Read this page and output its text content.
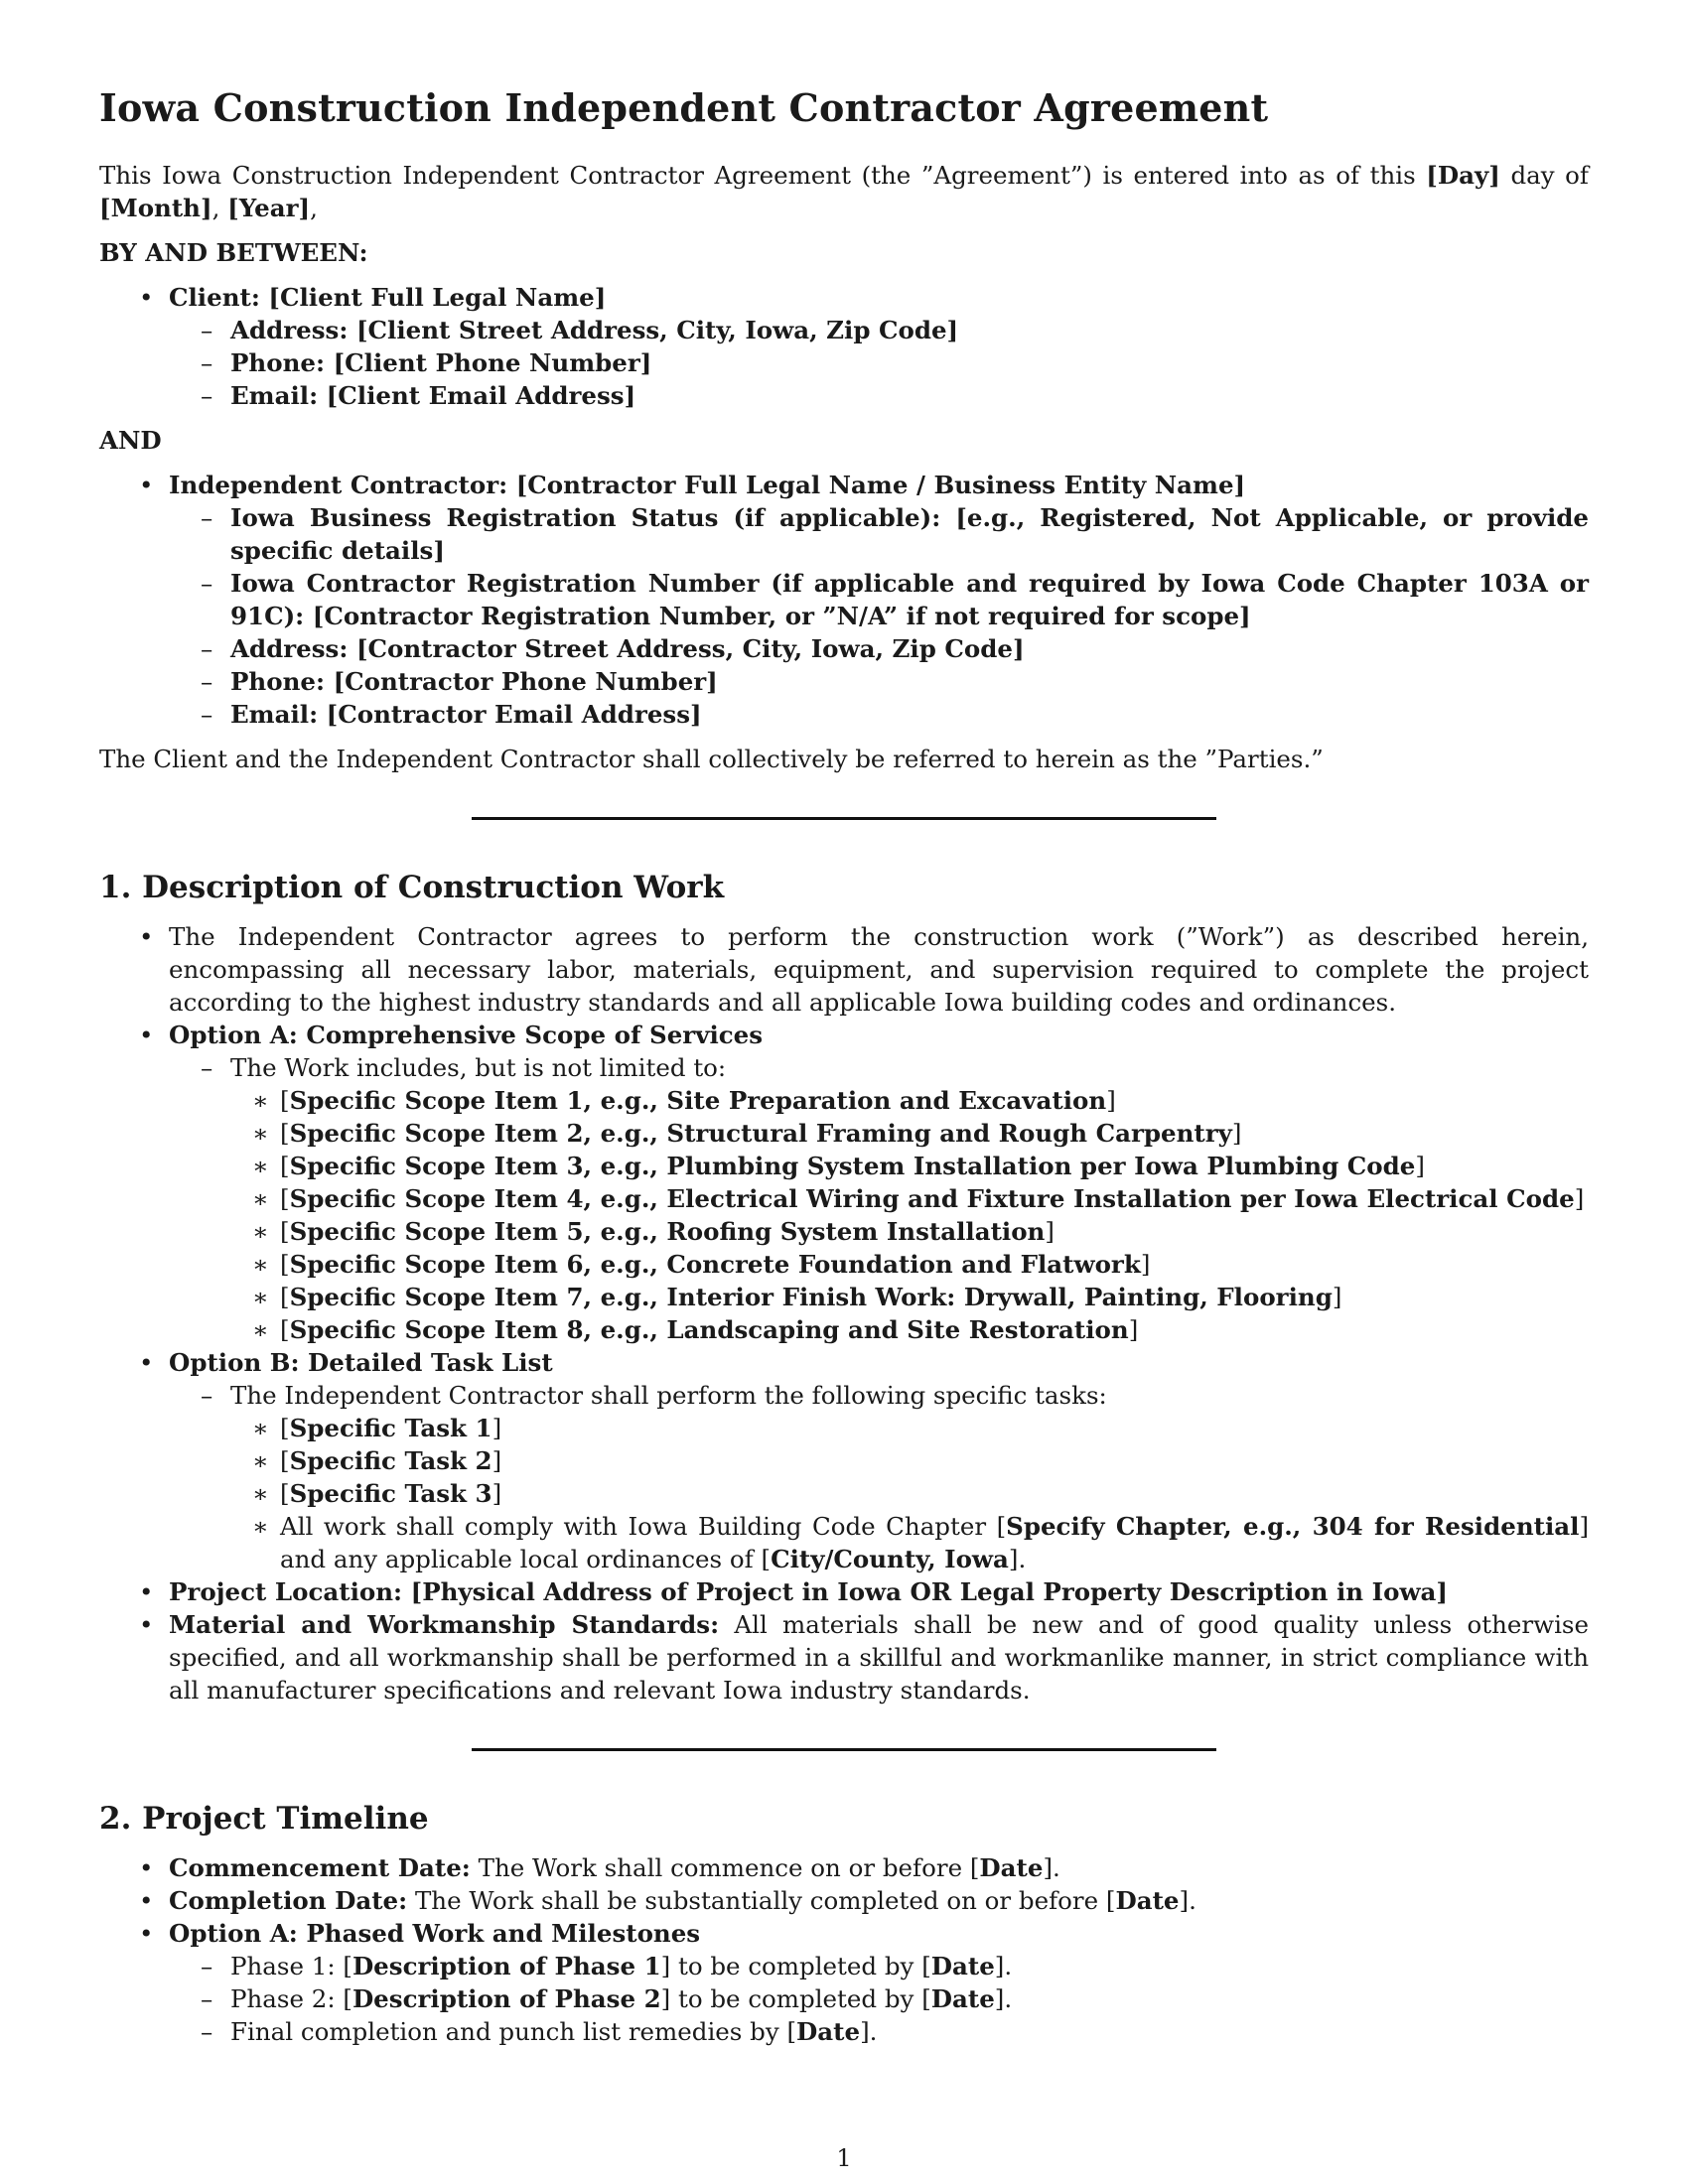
Iowa Construction Independent Contractor Agreement

This Iowa Construction Independent Contractor Agreement (the ”Agreement”) is entered into as of this [Day] day of [Month], [Year],

BY AND BETWEEN:

• Client: [Client Full Legal Name]
– Address: [Client Street Address, City, Iowa, Zip Code]
– Phone: [Client Phone Number]
– Email: [Client Email Address]

AND

• Independent Contractor: [Contractor Full Legal Name / Business Entity Name]
– Iowa Business Registration Status (if applicable): [e.g., Registered, Not Applicable, or provide specific details]
– Iowa Contractor Registration Number (if applicable and required by Iowa Code Chapter 103A or 91C): [Contractor Registration Number, or ”N/A” if not required for scope]
– Address: [Contractor Street Address, City, Iowa, Zip Code]
– Phone: [Contractor Phone Number]
– Email: [Contractor Email Address]

The Client and the Independent Contractor shall collectively be referred to herein as the ”Parties.”

1. Description of Construction Work
• The Independent Contractor agrees to perform the construction work (”Work”) as described herein, encompassing all necessary labor, materials, equipment, and supervision required to complete the project according to the highest industry standards and all applicable Iowa building codes and ordinances.
• Option A: Comprehensive Scope of Services
– The Work includes, but is not limited to:
∗ [Specific Scope Item 1, e.g., Site Preparation and Excavation]
∗ [Specific Scope Item 2, e.g., Structural Framing and Rough Carpentry]
∗ [Specific Scope Item 3, e.g., Plumbing System Installation per Iowa Plumbing Code]
∗ [Specific Scope Item 4, e.g., Electrical Wiring and Fixture Installation per Iowa Electrical Code]
∗ [Specific Scope Item 5, e.g., Roofing System Installation]
∗ [Specific Scope Item 6, e.g., Concrete Foundation and Flatwork]
∗ [Specific Scope Item 7, e.g., Interior Finish Work: Drywall, Painting, Flooring]
∗ [Specific Scope Item 8, e.g., Landscaping and Site Restoration]
• Option B: Detailed Task List
– The Independent Contractor shall perform the following specific tasks:
∗ [Specific Task 1]
∗ [Specific Task 2]
∗ [Specific Task 3]
∗ All work shall comply with Iowa Building Code Chapter [Specify Chapter, e.g., 304 for Residential] and any applicable local ordinances of [City/County, Iowa].
• Project Location: [Physical Address of Project in Iowa OR Legal Property Description in Iowa]
• Material and Workmanship Standards: All materials shall be new and of good quality unless otherwise specified, and all workmanship shall be performed in a skillful and workmanlike manner, in strict compliance with all manufacturer specifications and relevant Iowa industry standards.
2. Project Timeline
• Commencement Date: The Work shall commence on or before [Date].
• Completion Date: The Work shall be substantially completed on or before [Date].
• Option A: Phased Work and Milestones
– Phase 1: [Description of Phase 1] to be completed by [Date].
– Phase 2: [Description of Phase 2] to be completed by [Date].
– Final completion and punch list remedies by [Date].
1
